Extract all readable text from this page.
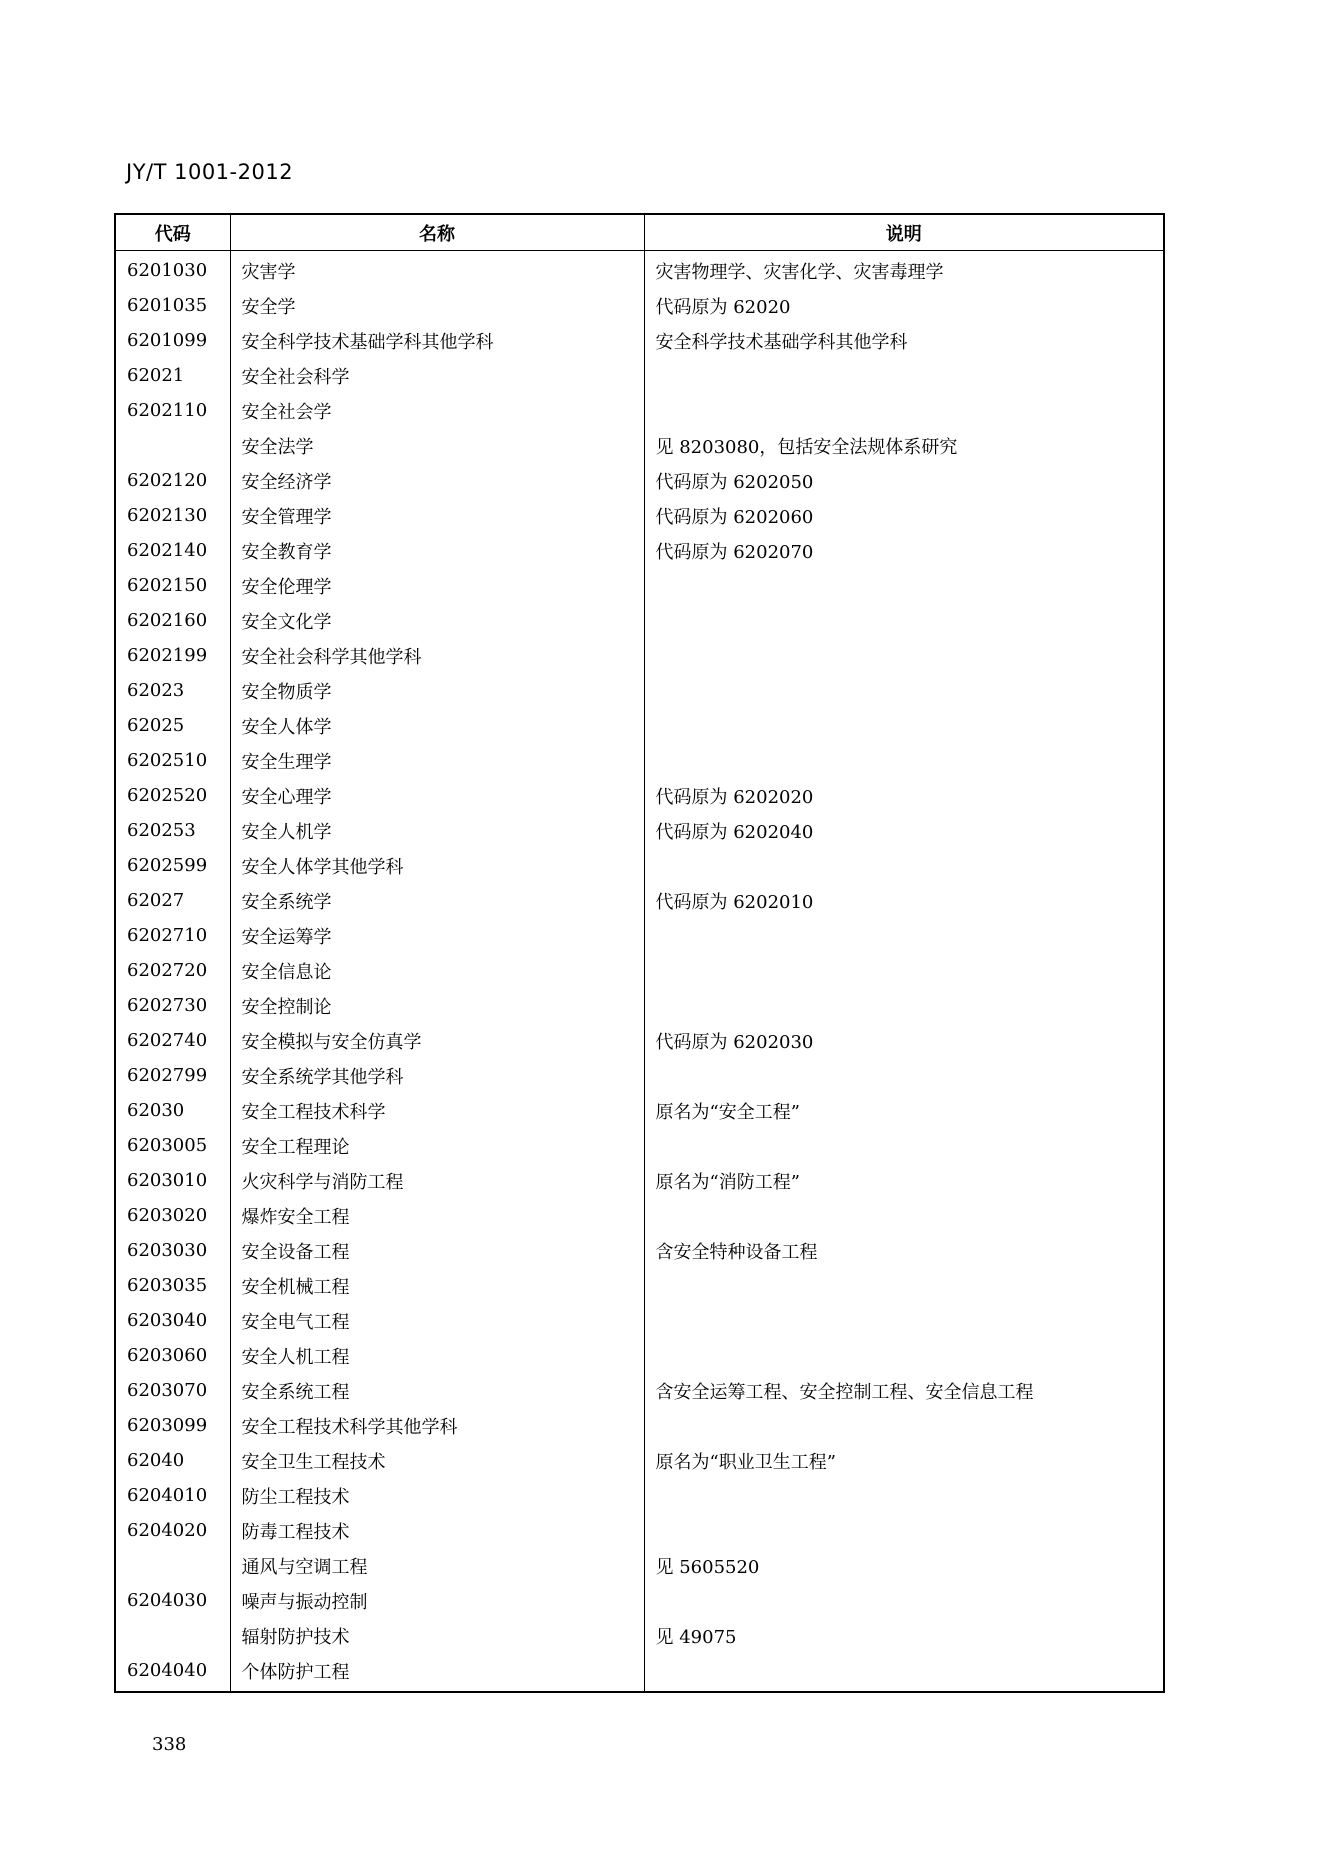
JY/T 1001-2012
代码	名称	说明
6201030	灾害学	灾害物理学、灾害化学、灾害毒理学
6201035	安全学	代码原为 62020
6201099	安全科学技术基础学科其他学科	安全科学技术基础学科其他学科
62021	安全社会科学	
6202110	安全社会学	
	安全法学	见 8203080，包括安全法规体系研究
6202120	安全经济学	代码原为 6202050
6202130	安全管理学	代码原为 6202060
6202140	安全教育学	代码原为 6202070
6202150	安全伦理学	
6202160	安全文化学	
6202199	安全社会科学其他学科	
62023	安全物质学	
62025	安全人体学	
6202510	安全生理学	
6202520	安全心理学	代码原为 6202020
620253	安全人机学	代码原为 6202040
6202599	安全人体学其他学科	
62027	安全系统学	代码原为 6202010
6202710	安全运筹学	
6202720	安全信息论	
6202730	安全控制论	
6202740	安全模拟与安全仿真学	代码原为 6202030
6202799	安全系统学其他学科	
62030	安全工程技术科学	原名为“安全工程”
6203005	安全工程理论	
6203010	火灾科学与消防工程	原名为“消防工程”
6203020	爆炸安全工程	
6203030	安全设备工程	含安全特种设备工程
6203035	安全机械工程	
6203040	安全电气工程	
6203060	安全人机工程	
6203070	安全系统工程	含安全运筹工程、安全控制工程、安全信息工程
6203099	安全工程技术科学其他学科	
62040	安全卫生工程技术	原名为“职业卫生工程”
6204010	防尘工程技术	
6204020	防毒工程技术	
	通风与空调工程	见 5605520
6204030	噪声与振动控制	
	辐射防护技术	见 49075
6204040	个体防护工程	
338
